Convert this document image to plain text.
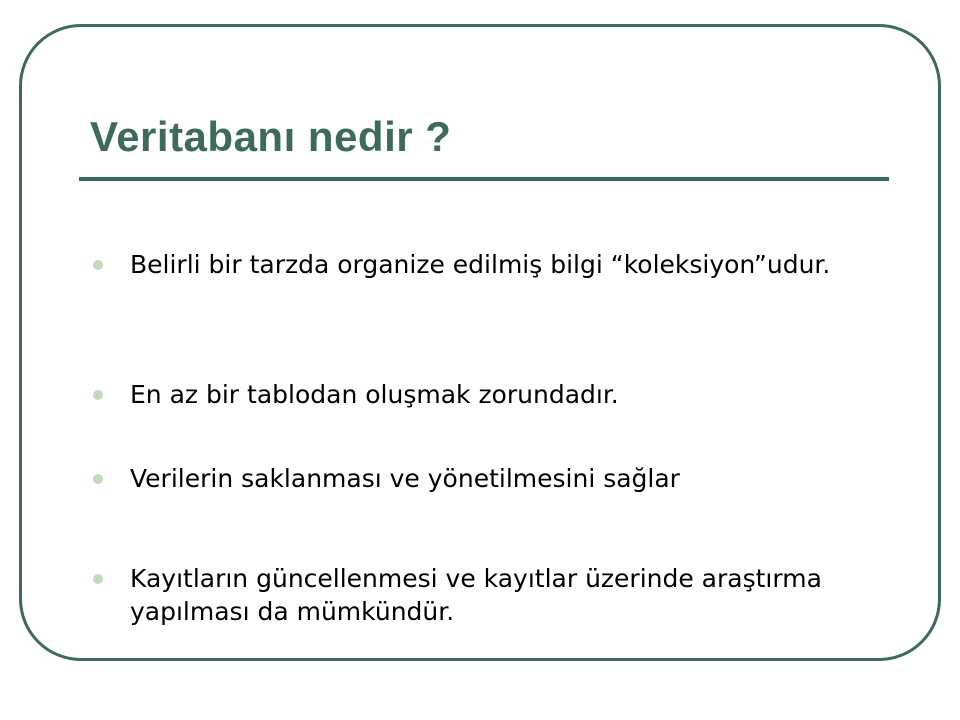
Veritabanı nedir ?
Belirli bir tarzda organize edilmiş bilgi “koleksiyon”udur.
En az bir tablodan oluşmak zorundadır.
Verilerin saklanması ve yönetilmesini sağlar
Kayıtların güncellenmesi ve kayıtlar üzerinde araştırma yapılması da mümkündür.
